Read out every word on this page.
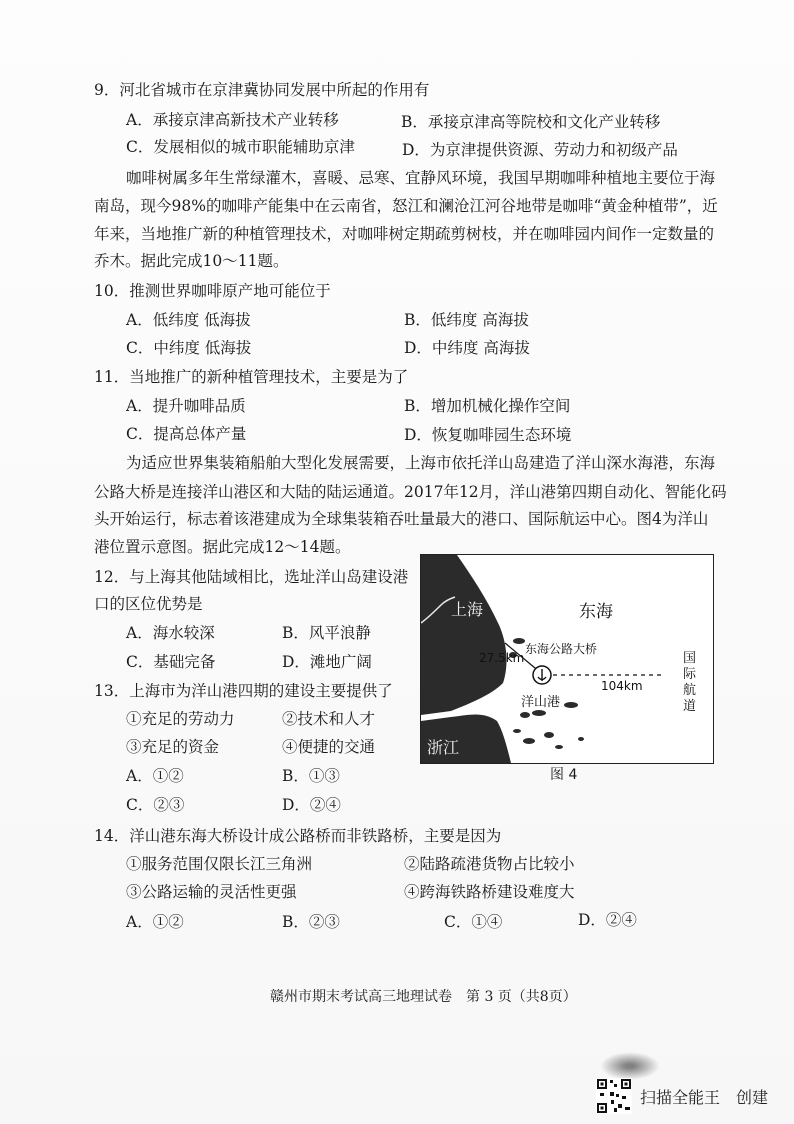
9．河北省城市在京津冀协同发展中所起的作用有
A．承接京津高新技术产业转移	B．承接京津高等院校和文化产业转移
C．发展相似的城市职能辅助京津	D．为京津提供资源、劳动力和初级产品
咖啡树属多年生常绿灌木，喜暖、忌寒、宜静风环境，我国早期咖啡种植地主要位于海
南岛，现今98%的咖啡产能集中在云南省，怒江和澜沧江河谷地带是咖啡“黄金种植带”，近
年来，当地推广新的种植管理技术，对咖啡树定期疏剪树枝，并在咖啡园内间作一定数量的
乔木。据此完成10～11题。
10．推测世界咖啡原产地可能位于
A．低纬度 低海拔	B．低纬度 高海拔
C．中纬度 低海拔	D．中纬度 高海拔
11．当地推广的新种植管理技术，主要是为了
A．提升咖啡品质	B．增加机械化操作空间
C．提高总体产量	D．恢复咖啡园生态环境
为适应世界集装箱船舶大型化发展需要，上海市依托洋山岛建造了洋山深水海港，东海
公路大桥是连接洋山港区和大陆的陆运通道。2017年12月，洋山港第四期自动化、智能化码
头开始运行，标志着该港建成为全球集装箱吞吐量最大的港口、国际航运中心。图4为洋山
港位置示意图。据此完成12～14题。
12．与上海其他陆域相比，选址洋山岛建设港
口的区位优势是
A．海水较深	B．风平浪静
C．基础完备	D．滩地广阔
13．上海市为洋山港四期的建设主要提供了
①充足的劳动力	②技术和人才
③充足的资金	④便捷的交通
A．①②	B．①③
C．②③	D．②④
上海	东海
东海公路大桥
27.5km
104km
洋山港
浙江
国
际
航
道
图 4
14．洋山港东海大桥设计成公路桥而非铁路桥，主要是因为
①服务范围仅限长江三角洲	②陆路疏港货物占比较小
③公路运输的灵活性更强	④跨海铁路桥建设难度大
A．①②	B．②③	C．①④	D．②④
赣州市期末考试高三地理试卷　第 3 页（共8页）
扫描全能王　创建
